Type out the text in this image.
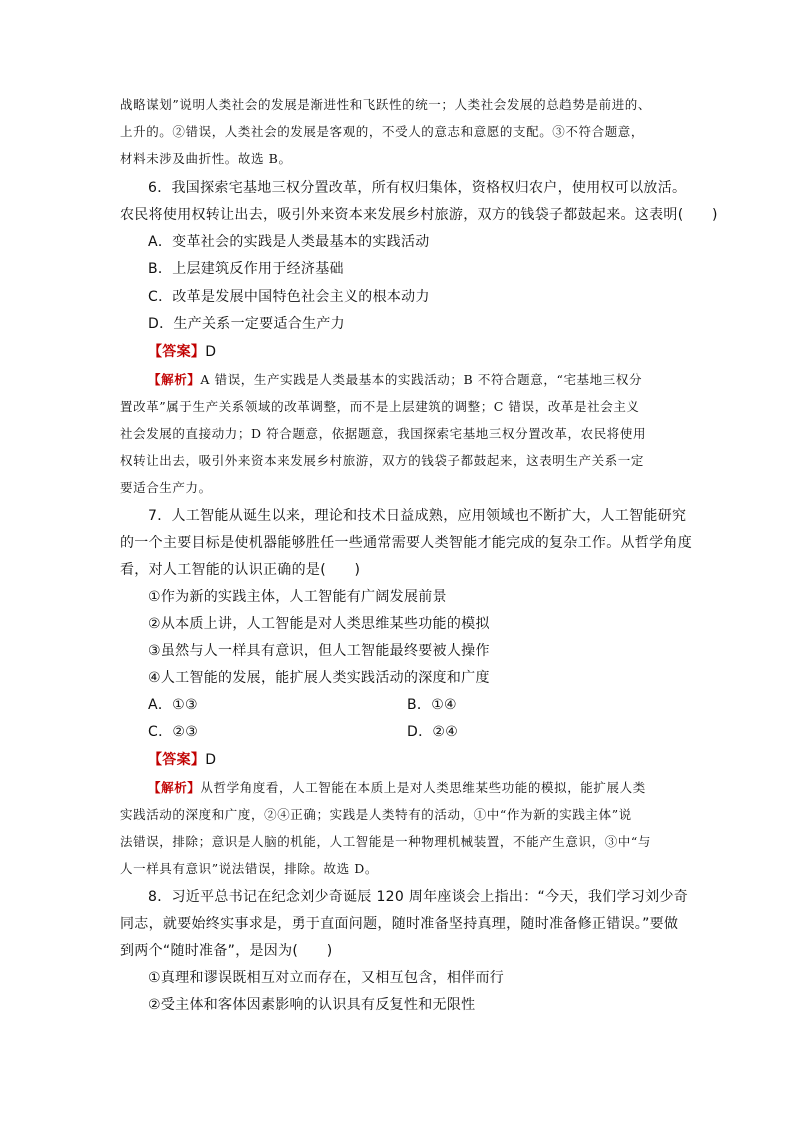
战略谋划”说明人类社会的发展是渐进性和飞跃性的统一；人类社会发展的总趋势是前进的、
上升的。②错误，人类社会的发展是客观的，不受人的意志和意愿的支配。③不符合题意，
材料未涉及曲折性。故选 B。
6．我国探索宅基地三权分置改革，所有权归集体，资格权归农户，使用权可以放活。
农民将使用权转让出去，吸引外来资本来发展乡村旅游，双方的钱袋子都鼓起来。这表明(　　)
A．变革社会的实践是人类最基本的实践活动
B．上层建筑反作用于经济基础
C．改革是发展中国特色社会主义的根本动力
D．生产关系一定要适合生产力
【答案】D
【解析】A 错误，生产实践是人类最基本的实践活动；B 不符合题意，“宅基地三权分
置改革”属于生产关系领域的改革调整，而不是上层建筑的调整；C 错误，改革是社会主义
社会发展的直接动力；D 符合题意，依据题意，我国探索宅基地三权分置改革，农民将使用
权转让出去，吸引外来资本来发展乡村旅游，双方的钱袋子都鼓起来，这表明生产关系一定
要适合生产力。
7．人工智能从诞生以来，理论和技术日益成熟，应用领域也不断扩大，人工智能研究
的一个主要目标是使机器能够胜任一些通常需要人类智能才能完成的复杂工作。从哲学角度
看，对人工智能的认识正确的是(　　)
①作为新的实践主体，人工智能有广阔发展前景
②从本质上讲，人工智能是对人类思维某些功能的模拟
③虽然与人一样具有意识，但人工智能最终要被人操作
④人工智能的发展，能扩展人类实践活动的深度和广度
A．①③	B．①④
C．②③	D．②④
【答案】D
【解析】从哲学角度看，人工智能在本质上是对人类思维某些功能的模拟，能扩展人类
实践活动的深度和广度，②④正确；实践是人类特有的活动，①中“作为新的实践主体”说
法错误，排除；意识是人脑的机能，人工智能是一种物理机械装置，不能产生意识，③中“与
人一样具有意识”说法错误，排除。故选 D。
8．习近平总书记在纪念刘少奇诞辰 120 周年座谈会上指出：“今天，我们学习刘少奇
同志，就要始终实事求是，勇于直面问题，随时准备坚持真理，随时准备修正错误。”要做
到两个“随时准备”，是因为(　　)
①真理和谬误既相互对立而存在，又相互包含，相伴而行
②受主体和客体因素影响的认识具有反复性和无限性
